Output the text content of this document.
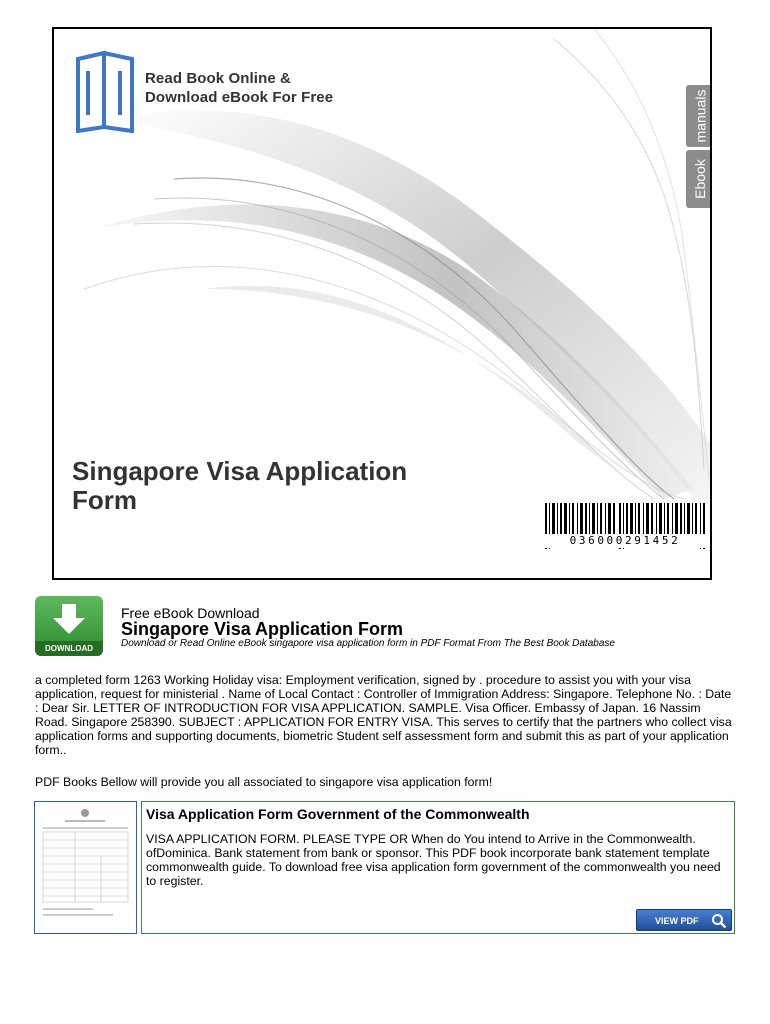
Read Book Online &
Download eBook For Free	manuals
Ebook
Singapore Visa Application
Form
036000291452
DOWNLOAD
Free eBook Download
Singapore Visa Application Form
Download or Read Online eBook singapore visa application form in PDF Format From The Best Book Database
a completed form 1263 Working Holiday visa: Employment verification, signed by . procedure to assist you with your visa application, request for ministerial . Name of Local Contact : Controller of Immigration Address: Singapore. Telephone No. : Date : Dear Sir. LETTER OF INTRODUCTION FOR VISA APPLICATION. SAMPLE. Visa Officer. Embassy of Japan. 16 Nassim Road. Singapore 258390. SUBJECT : APPLICATION FOR ENTRY VISA. This serves to certify that the partners who collect visa application forms and supporting documents, biometric Student self assessment form and submit this as part of your application form..
PDF Books Bellow will provide you all associated to singapore visa application form!
Visa Application Form Government of the Commonwealth
VISA APPLICATION FORM. PLEASE TYPE OR When do You intend to Arrive in the Commonwealth. ofDominica. Bank statement from bank or sponsor. This PDF book incorporate bank statement template commonwealth guide. To download free visa application form government of the commonwealth you need to register.
VIEW PDF
